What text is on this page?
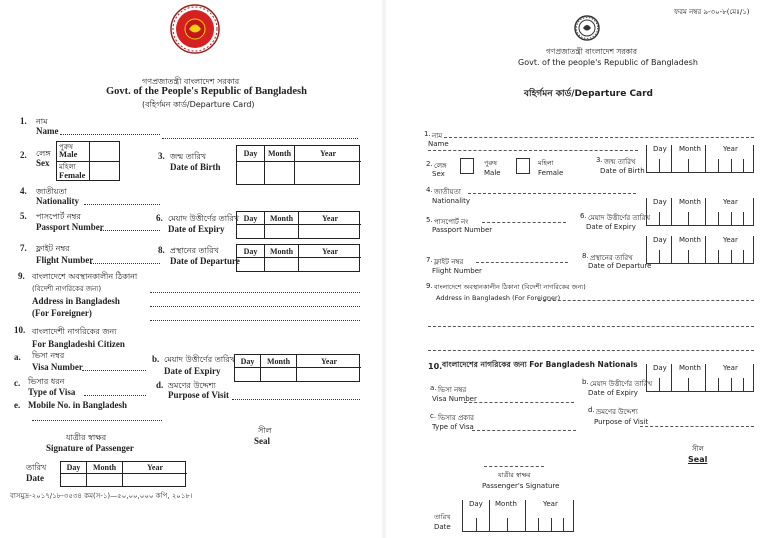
গণপ্রজাতন্ত্রী বাংলাদেশ সরকার
Govt. of the People's Republic of Bangladesh
(বহির্গমন কার্ড/Departure Card)
1. নাম
Name
2. লেঙ্গ
Sex
পুরুষ
Male
মহিলা
Female
3. জন্ম তারিখ
Date of Birth
Day	Month	Year
4. জাতীয়তা
Nationality
5. পাসপোর্ট নম্বর
Passport Number
6. মেয়াদ উত্তীর্ণের তারিখ
Date of Expiry
Day	Month	Year
7. ফ্লাইট নম্বর
Flight Number
8. প্রস্থানের তারিখ
Date of Departure
Day	Month	Year
9. বাংলাদেশে অবস্থানকালীন ঠিকানা
(বিদেশী নাগরিকের জন্য)
Address in Bangladesh
(For Foreigner)
10. বাংলাদেশী নাগরিকের জন্য
For Bangladeshi Citizen
a. ভিসা নম্বর
Visa Number
b. মেয়াদ উত্তীর্ণের তারিখ
Date of Expiry
Day	Month	Year
c. ভিসার ধরন
Type of Visa
d. ভ্রমণের উদ্দেশ্য
Purpose of Visit
e. Mobile No. in Bangladesh
যাত্রীর স্বাক্ষর
Signature of Passenger
সীল
Seal
তারিখ
Date
Day	Month	Year
বাসমুদ্র-২০১৭/১৮-৩৫৩৪ কম(স-১)—৫০,০০,০০০ কপি, ২০১৮।
ফরম নম্বর ৯-৩০-৮(মেঃ/১)
গণপ্রজাতন্ত্রী বাংলাদেশ সরকার
Govt. of the people's Republic of Bangladesh
বহির্গমন কার্ড/Departure Card
1. নাম
Name
2. লেঙ্গ
Sex
পুরুষ
Male
মহিলা
Female
3. জন্ম তারিখ
Date of Birth
Day Month	Year
4. জাতীয়তা
Nationality
5. পাসপোর্ট নং
Passport Number
6. মেয়াদ উত্তীর্ণের তারিখ
Date of Expiry
Day Month	Year
7. ফ্লাইট নম্বর
Flight Number
8. প্রস্থানের তারিখ
Date of Departure
Day Month	Year
9. বাংলাদেশে অবস্থানকালীন ঠিকানা (বিদেশী নাগরিকের জন্য)
Address in Bangladesh (For Foreigner)
10. বাংলাদেশের নাগরিকের জন্য For Bangladesh Nationals
a. ভিসা নম্বর
Visa Number
b. মেয়াদ উত্তীর্ণের তারিখ
Date of Expiry
Day Month	Year
c. ভিসার প্রকার
Type of Visa
d. ভ্রমণের উদ্দেশ্য
Purpose of Visit
সীল
Seal
যাত্রীর স্বাক্ষর
Passenger's Signature
তারিখ
Date
Day Month	Year
